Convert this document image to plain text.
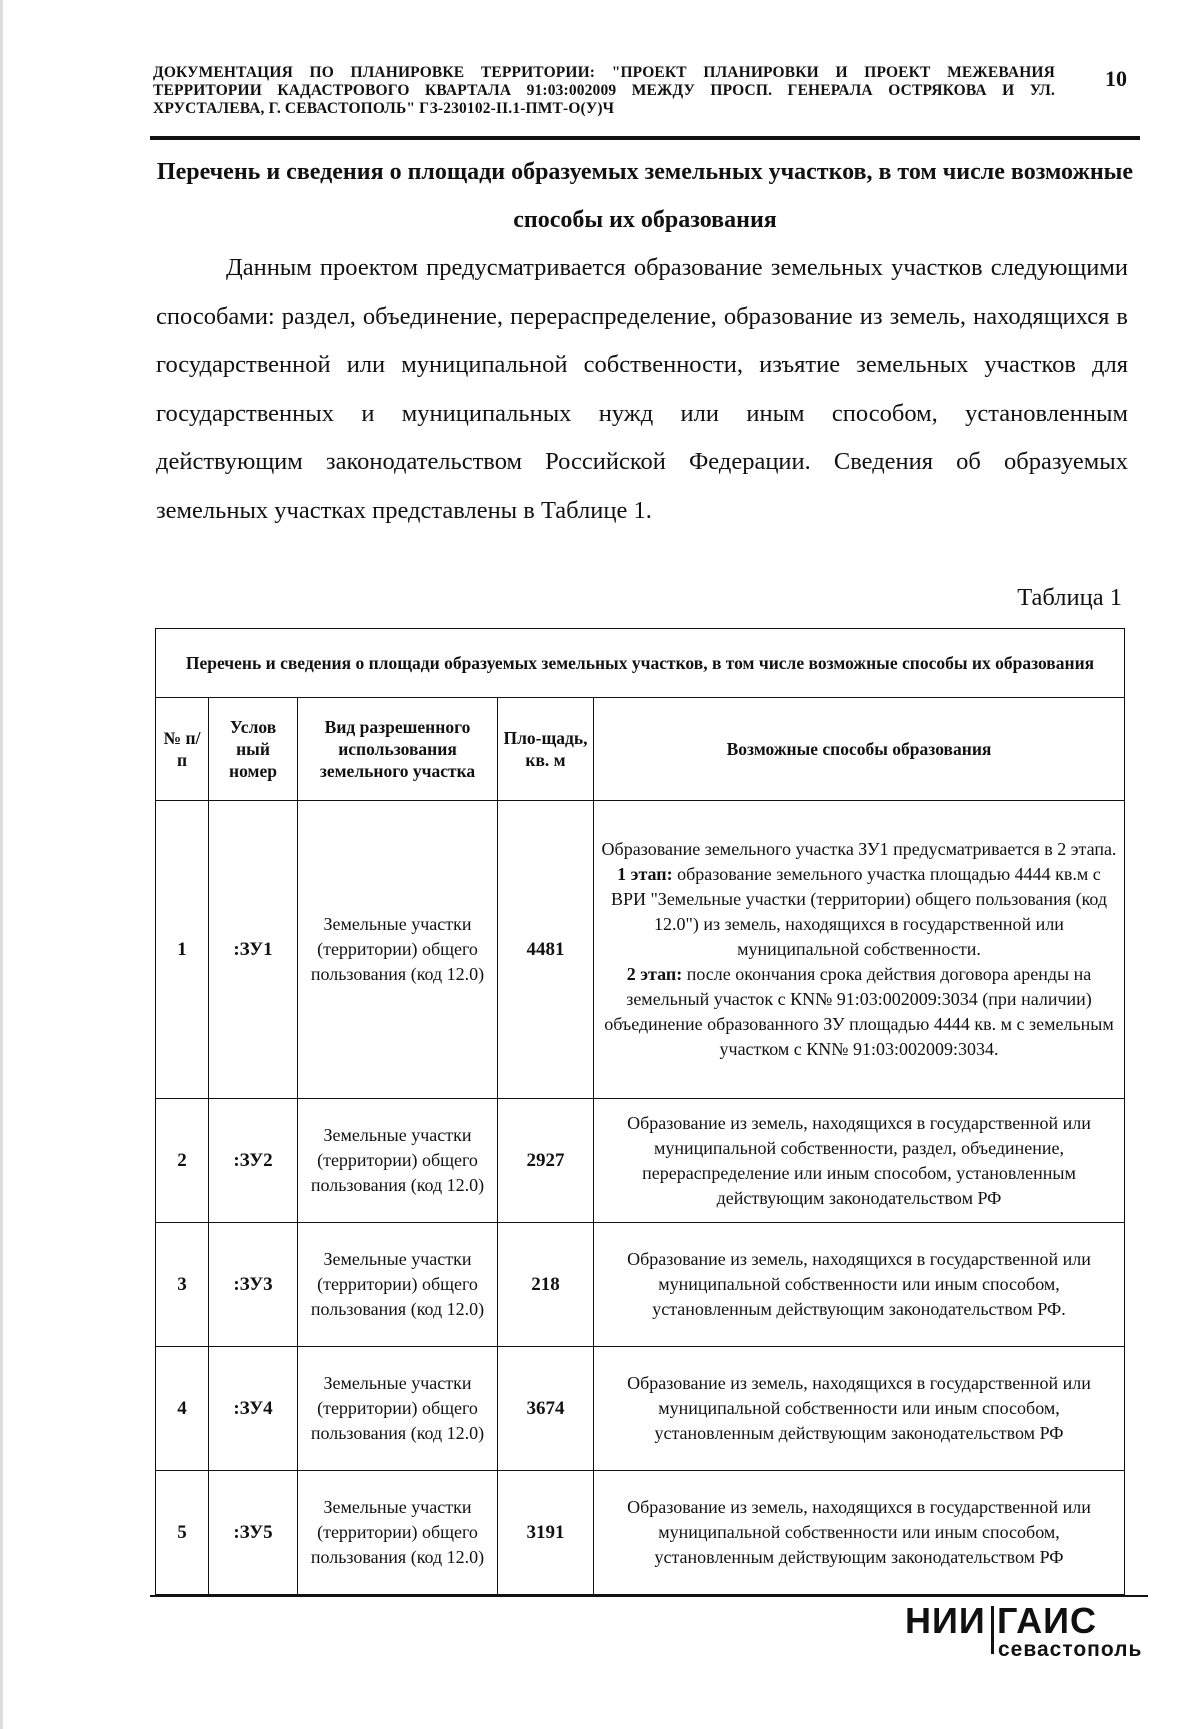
ДОКУМЕНТАЦИЯ ПО ПЛАНИРОВКЕ ТЕРРИТОРИИ: "ПРОЕКТ ПЛАНИРОВКИ И ПРОЕКТ МЕЖЕВАНИЯ ТЕРРИТОРИИ КАДАСТРОВОГО КВАРТАЛА 91:03:002009 МЕЖДУ ПРОСП. ГЕНЕРАЛА ОСТРЯКОВА И УЛ. ХРУСТАЛЕВА, Г. СЕВАСТОПОЛЬ" ГЗ-230102-II.1-ПМТ-О(У)Ч
10
Перечень и сведения о площади образуемых земельных участков, в том числе возможные способы их образования

Данным проектом предусматривается образование земельных участков следующими способами: раздел, объединение, перераспределение, образование из земель, находящихся в государственной или муниципальной собственности, изъятие земельных участков для государственных и муниципальных нужд или иным способом, установленным действующим законодательством Российской Федерации. Сведения об образуемых земельных участках представлены в Таблице 1.

Таблица 1
Перечень и сведения о площади образуемых земельных участков, в том числе возможные способы их образования				
№ п/п	Услов ный номер	Вид разрешенного использования земельного участка	Пло-щадь, кв. м	Возможные способы образования
1	:ЗУ1	Земельные участки (территории) общего пользования (код 12.0)	4481	Образование земельного участка ЗУ1 предусматривается в 2 этапа.
1 этап: образование земельного участка площадью 4444 кв.м с ВРИ "Земельные участки (территории) общего пользования (код 12.0") из земель, находящихся в государственной или муниципальной собственности.
2 этап: после окончания срока действия договора аренды на земельный участок с КN№ 91:03:002009:3034 (при наличии) объединение образованного ЗУ площадью 4444 кв. м с земельным участком с КN№ 91:03:002009:3034.
2	:ЗУ2	Земельные участки (территории) общего пользования (код 12.0)	2927	Образование из земель, находящихся в государственной или муниципальной собственности, раздел, объединение, перераспределение или иным способом, установленным действующим законодательством РФ
3	:ЗУ3	Земельные участки (территории) общего пользования (код 12.0)	218	Образование из земель, находящихся в государственной или муниципальной собственности или иным способом, установленным действующим законодательством РФ.
4	:ЗУ4	Земельные участки (территории) общего пользования (код 12.0)	3674	Образование из земель, находящихся в государственной или муниципальной собственности или иным способом, установленным действующим законодательством РФ
5	:ЗУ5	Земельные участки (территории) общего пользования (код 12.0)	3191	Образование из земель, находящихся в государственной или муниципальной собственности или иным способом, установленным действующим законодательством РФ
НИИ ГАИС
севастополь
